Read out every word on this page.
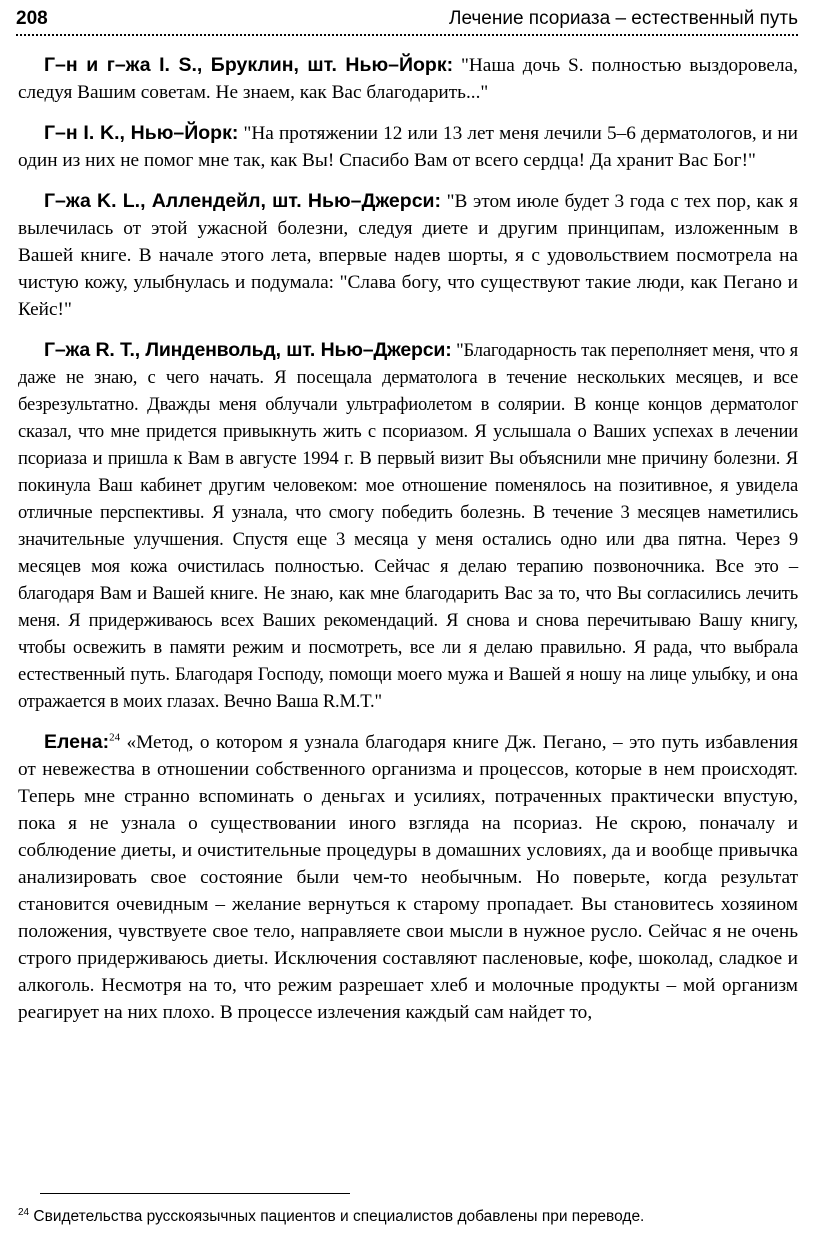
208	Лечение псориаза – естественный путь

Г–н и г–жа I. S., Бруклин, шт. Нью–Йорк: "Наша дочь S. полностью выздоровела, следуя Вашим советам. Не знаем, как Вас благодарить..."

Г–н I. K., Нью–Йорк: "На протяжении 12 или 13 лет меня лечили 5–6 дерматологов, и ни один из них не помог мне так, как Вы! Спасибо Вам от всего сердца! Да хранит Вас Бог!"

Г–жа K. L., Аллендейл, шт. Нью–Джерси: "В этом июле будет 3 года с тех пор, как я вылечилась от этой ужасной болезни, следуя диете и другим принципам, изложенным в Вашей книге. В начале этого лета, впервые надев шорты, я с удовольствием посмотрела на чистую кожу, улыбнулась и подумала: "Слава богу, что существуют такие люди, как Пегано и Кейс!"

Г–жа R. T., Линденвольд, шт. Нью–Джерси: "Благодарность так переполняет меня, что я даже не знаю, с чего начать. Я посещала дерматолога в течение нескольких месяцев, и все безрезультатно. Дважды меня облучали ультрафиолетом в солярии. В конце концов дерматолог сказал, что мне придется привыкнуть жить с псориазом. Я услышала о Ваших успехах в лечении псориаза и пришла к Вам в августе 1994 г. В первый визит Вы объяснили мне причину болезни. Я покинула Ваш кабинет другим человеком: мое отношение поменялось на позитивное, я увидела отличные перспективы. Я узнала, что смогу победить болезнь. В течение 3 месяцев наметились значительные улучшения. Спустя еще 3 месяца у меня остались одно или два пятна. Через 9 месяцев моя кожа очистилась полностью. Сейчас я делаю терапию позвоночника. Все это – благодаря Вам и Вашей книге. Не знаю, как мне благодарить Вас за то, что Вы согласились лечить меня. Я придерживаюсь всех Ваших рекомендаций. Я снова и снова перечитываю Вашу книгу, чтобы освежить в памяти режим и посмотреть, все ли я делаю правильно. Я рада, что выбрала естественный путь. Благодаря Господу, помощи моего мужа и Вашей я ношу на лице улыбку, и она отражается в моих глазах. Вечно Ваша R.M.T."

Елена:$^{24}$ «Метод, о котором я узнала благодаря книге Дж. Пегано, – это путь избавления от невежества в отношении собственного организма и процессов, которые в нем происходят. Теперь мне странно вспоминать о деньгах и усилиях, потраченных практически впустую, пока я не узнала о существовании иного взгляда на псориаз. Не скрою, поначалу и соблюдение диеты, и очистительные процедуры в домашних условиях, да и вообще привычка анализировать свое состояние были чем-то необычным. Но поверьте, когда результат становится очевидным – желание вернуться к старому пропадает. Вы становитесь хозяином положения, чувствуете свое тело, направляете свои мысли в нужное русло. Сейчас я не очень строго придерживаюсь диеты. Исключения составляют пасленовые, кофе, шоколад, сладкое и алкоголь. Несмотря на то, что режим разрешает хлеб и молочные продукты – мой организм реагирует на них плохо. В процессе излечения каждый сам найдет то,

$^{24}$ Свидетельства русскоязычных пациентов и специалистов добавлены при переводе.
